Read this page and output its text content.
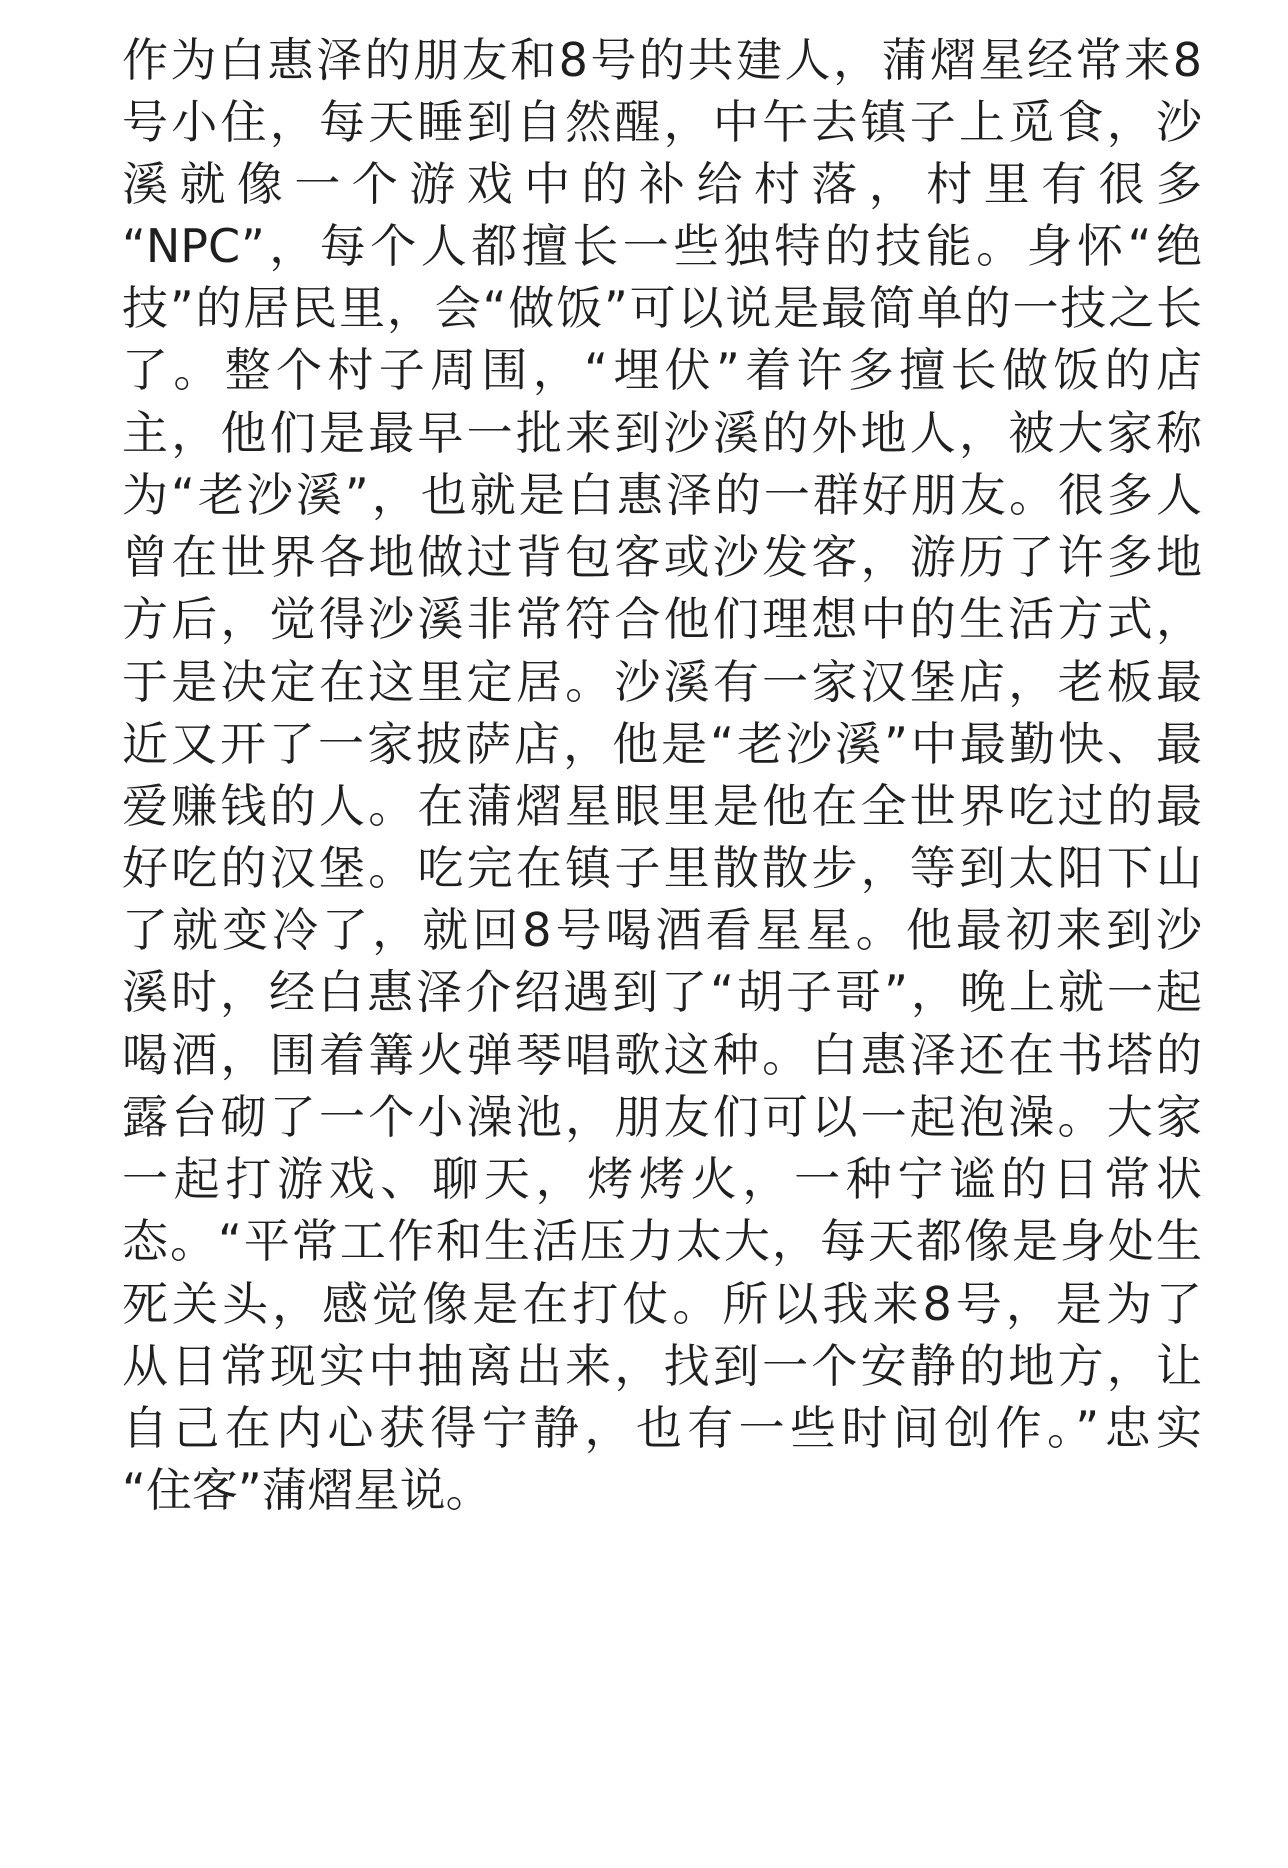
作为白惠泽的朋友和8号的共建人，蒲熠星经常来8
号小住，每天睡到自然醒，中午去镇子上觅食，沙
溪就像一个游戏中的补给村落，村里有很多
“NPC”，每个人都擅长一些独特的技能。身怀“绝
技”的居民里，会“做饭”可以说是最简单的一技之长
了。整个村子周围，“埋伏”着许多擅长做饭的店
主，他们是最早一批来到沙溪的外地人，被大家称
为“老沙溪”，也就是白惠泽的一群好朋友。很多人
曾在世界各地做过背包客或沙发客，游历了许多地
方后，觉得沙溪非常符合他们理想中的生活方式，
于是决定在这里定居。沙溪有一家汉堡店，老板最
近又开了一家披萨店，他是“老沙溪”中最勤快、最
爱赚钱的人。在蒲熠星眼里是他在全世界吃过的最
好吃的汉堡。吃完在镇子里散散步，等到太阳下山
了就变冷了，就回8号喝酒看星星。他最初来到沙
溪时，经白惠泽介绍遇到了“胡子哥”，晚上就一起
喝酒，围着篝火弹琴唱歌这种。白惠泽还在书塔的
露台砌了一个小澡池，朋友们可以一起泡澡。大家
一起打游戏、聊天，烤烤火，一种宁谧的日常状
态。“平常工作和生活压力太大，每天都像是身处生
死关头，感觉像是在打仗。所以我来8号，是为了
从日常现实中抽离出来，找到一个安静的地方，让
自己在内心获得宁静，也有一些时间创作。”忠实
“住客”蒲熠星说。
